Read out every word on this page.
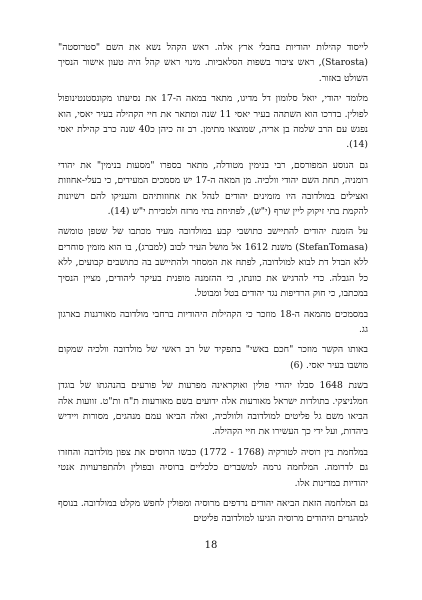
לייסוד קהילות יהודיות בחבלי ארץ אלה. ראש הקהל נשא את השם "סטרוסטה" (Starosta), ראש ציבור בשפות הסלאביות. מינוי ראש קהל היה טעון אישור הנסיך השולט באזור.

מלומד יהודי, יואל סלומון דל מדיגו, מתאר במאה ה-17 את נסיעתו מקונסטנטינופול לפולין. בדרכו הוא השתהה בעיר יאסי 11 שנה ומתאר את חיי הקהילה בעיר יאסי, הוא נפגש עם הרב שלמה בן אריה, שמוצאו מתימן. רב זה כיהן כ40 שנה כרב קהילת יאסי (14).

גם הנוסע המפורסם, רבי בנימין מטודלה, מתאר בספרו "מסעות בנימין" את יהודי רומניה, תחת השם יהודי וולכיה. מן המאה ה-17 יש מסמכים המעידים, כי בעלי-אחוזות ואצילים במולדובה היו מזמינים יהודים לנהל את אחוזותיהם והעניקו להם רשיונות להקמת בתי זיקוק ליין שרף (י"ש), לפתיחת בתי מרזח ולמכירת י"ש (14).

על הזמנת יהודים להתיישב כתושבי קבע במולדובה מעיד מכתבו של שטפן טומשה (StefanTomasa) משנת 1612 אל מושל העיר לבוב (למברג), בו הוא מזמין סוחרים ללא הבדל דת לבוא למולדובה, לפתח את המסחר ולהתיישב בה כתושבים קבועים, ללא כל הגבלה. כדי להדגיש את כוונתו, כי ההזמנה מופנית בעיקר ליהודים, מציין הנסיך במכתבו, כי חוק הרדיפות נגד יהודים בטל ומבוטל.

במסמכים מהמאה ה-18 מוזכר כי הקהילות היהודיות ברחבי מולדובה מאורגנות בארגון גג.

באותו הקשר מוזכר "חכם באשי" בתפקיד של רב ראשי של מולדובה וולכיה שמקום מושבו בעיר יאסי. (6)

בשנת 1648 סבלו יהודי פולין ואוקראינה מפרעות של פורעים בהנהגתו של בוגדן חמלניצקי. בתולדות ישראל מאורעות אלה ידועים בשם מאורעות ת"ח ות"ט. זוועות אלה הביאו משם גל פליטים למולדובה ולוולכיה, ואלה הביאו עמם מנהגים, מסורות ויידיש ביהדות, ועל ידי כך העשירו את חיי הקהילה.

במלחמת בין רוסיה לטורקיה (1768 - 1772) כבשו הרוסים את צפון מולדובה והחזרו גם לדרומה. המלחמה גרמה למשברים כלכליים ברוסיה ובפולין ולהתפרעויות אנטי יהודיות במדינות אלו.

גם המלחמה הזאת הביאה יהודים נרדפים מרוסיה ומפולין לחפש מקלט במולדובה. בנוסף למהגרים היהודים מרוסיה הגיעו למולדובה פליטים

18
